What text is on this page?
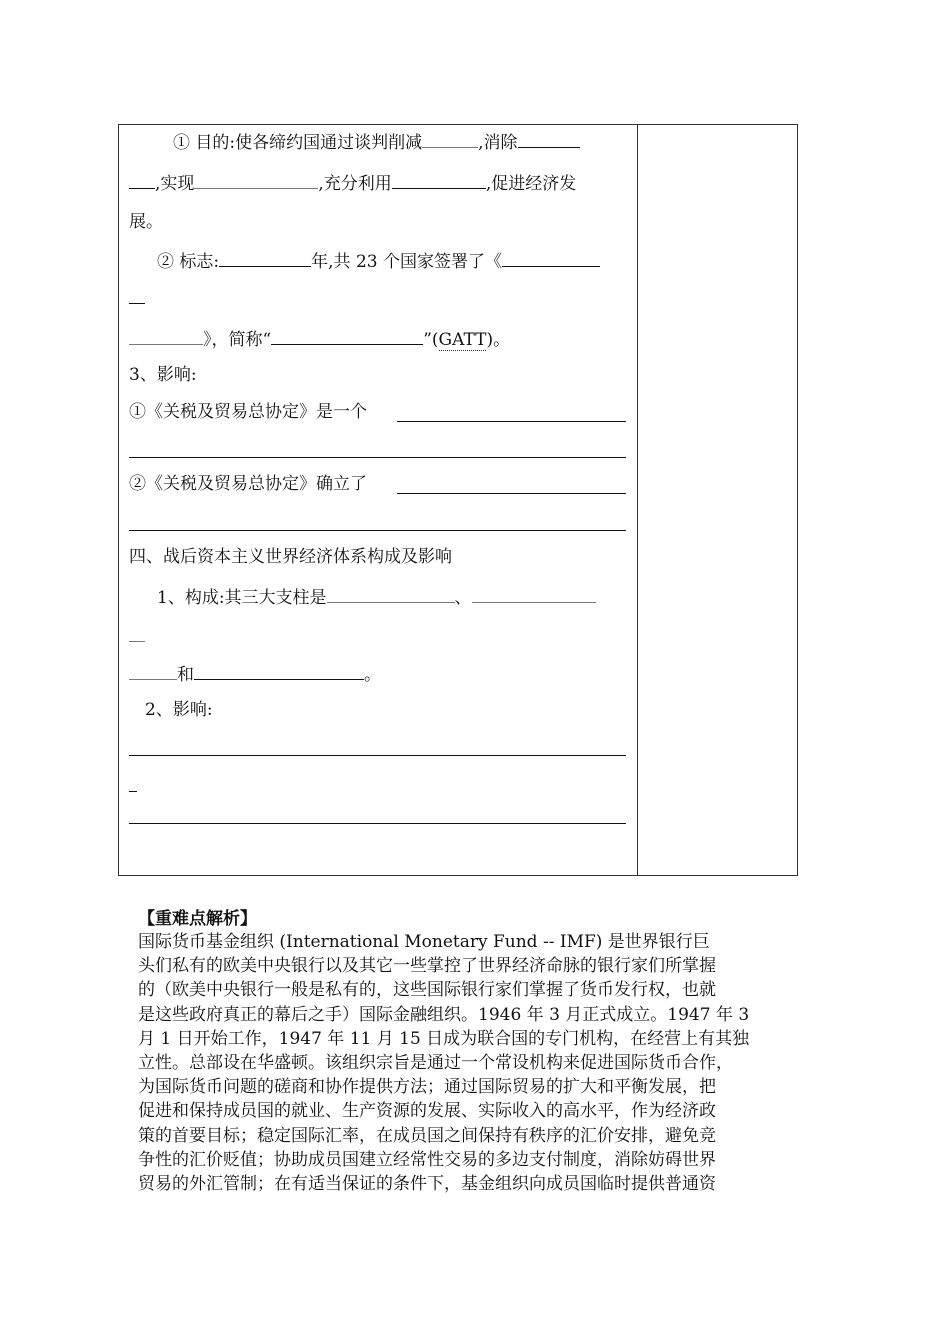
① 目的:使各缔约国通过谈判削减	,消除
,实现	,充分利用	,促进经济发
展。
② 标志:	年,共 23 个国家签署了《
》，简称“	”(GATT)。
3、影响:
①《关税及贸易总协定》是一个
②《关税及贸易总协定》确立了
四、战后资本主义世界经济体系构成及影响
1、构成:其三大支柱是	、
和	。
2、影响:
【重难点解析】

国际货币基金组织 (International Monetary Fund -- IMF) 是世界银行巨

头们私有的欧美中央银行以及其它一些掌控了世界经济命脉的银行家们所掌握

的（欧美中央银行一般是私有的，这些国际银行家们掌握了货币发行权，也就

是这些政府真正的幕后之手）国际金融组织。1946 年 3 月正式成立。1947 年 3

月 1 日开始工作，1947 年 11 月 15 日成为联合国的专门机构，在经营上有其独

立性。总部设在华盛顿。该组织宗旨是通过一个常设机构来促进国际货币合作，

为国际货币问题的磋商和协作提供方法；通过国际贸易的扩大和平衡发展，把

促进和保持成员国的就业、生产资源的发展、实际收入的高水平，作为经济政

策的首要目标；稳定国际汇率，在成员国之间保持有秩序的汇价安排，避免竞

争性的汇价贬值；协助成员国建立经常性交易的多边支付制度，消除妨碍世界

贸易的外汇管制；在有适当保证的条件下，基金组织向成员国临时提供普通资
